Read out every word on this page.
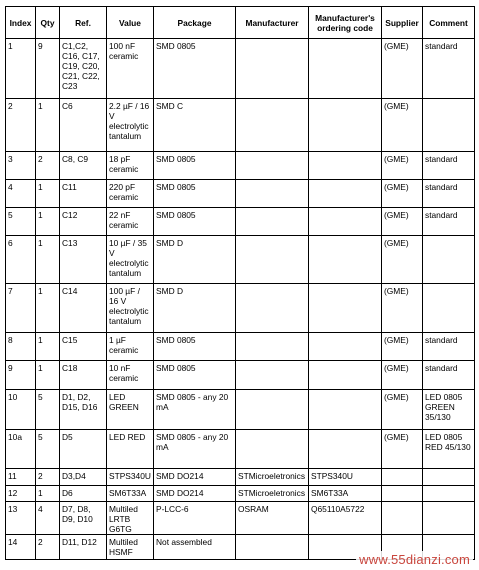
Index	Qty	Ref.	Value	Package	Manufacturer	Manufacturer's ordering code	Supplier	Comment
1	9	C1,C2, C16, C17, C19, C20, C21, C22, C23	100 nF ceramic	SMD 0805			(GME)	standard
2	1	C6	2.2 µF / 16 V electrolytic tantalum	SMD C			(GME)	
3	2	C8, C9	18 pF ceramic	SMD 0805			(GME)	standard
4	1	C11	220 pF ceramic	SMD 0805			(GME)	standard
5	1	C12	22 nF ceramic	SMD 0805			(GME)	standard
6	1	C13	10 µF / 35 V electrolytic tantalum	SMD D			(GME)	
7	1	C14	100 µF / 16 V electrolytic tantalum	SMD D			(GME)	
8	1	C15	1 µF ceramic	SMD 0805			(GME)	standard
9	1	C18	10 nF ceramic	SMD 0805			(GME)	standard
10	5	D1, D2, D15, D16	LED GREEN	SMD 0805 - any 20 mA			(GME)	LED 0805 GREEN 35/130
10a	5	D5	LED RED	SMD 0805 - any 20 mA			(GME)	LED 0805 RED 45/130
11	2	D3,D4	STPS340U	SMD DO214	STMicroeletronics	STPS340U		
12	1	D6	SM6T33A	SMD DO214	STMicroeletronics	SM6T33A		
13	4	D7, D8, D9, D10	Multiled LRTB G6TG	P-LCC-6	OSRAM	Q65110A5722		
14	2	D11, D12	Multiled HSMF	Not assembled				
www.55dianzi.com
